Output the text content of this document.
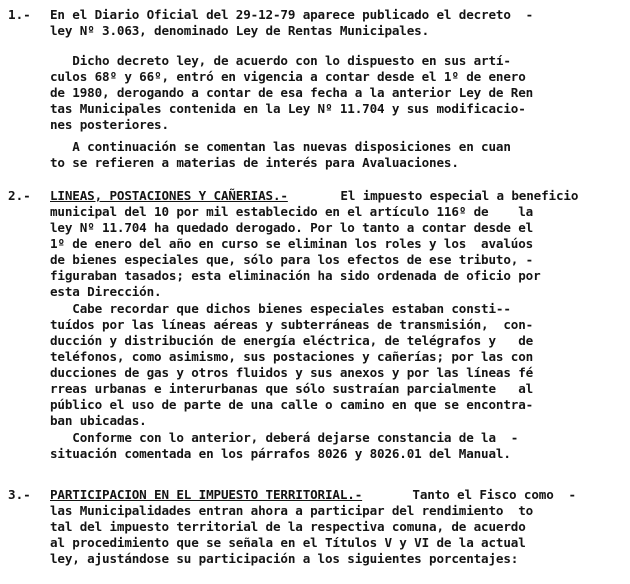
1.- En el Diario Oficial del 29-12-79 aparece publicado el decreto  -
ley Nº 3.063, denominado Ley de Rentas Municipales.
Dicho decreto ley, de acuerdo con lo dispuesto en sus artí-
culos 68º y 66º, entró en vigencia a contar desde el 1º de enero
de 1980, derogando a contar de esa fecha a la anterior Ley de Ren
tas Municipales contenida en la Ley Nº 11.704 y sus modificacio-
nes posteriores.
A continuación se comentan las nuevas disposiciones en cuan
to se refieren a materias de interés para Avaluaciones.
2.- LINEAS, POSTACIONES Y CAÑERIAS.-	El impuesto especial a beneficio
municipal del 10 por mil establecido en el artículo 116º de    la
ley Nº 11.704 ha quedado derogado. Por lo tanto a contar desde el
1º de enero del año en curso se eliminan los roles y los  avalúos
de bienes especiales que, sólo para los efectos de ese tributo, -
figuraban tasados; esta eliminación ha sido ordenada de oficio por
esta Dirección.
Cabe recordar que dichos bienes especiales estaban consti--
tuídos por las líneas aéreas y subterráneas de transmisión,  con-
ducción y distribución de energía eléctrica, de telégrafos y   de
teléfonos, como asimismo, sus postaciones y cañerías; por las con
ducciones de gas y otros fluidos y sus anexos y por las líneas fé
rreas urbanas e interurbanas que sólo sustraían parcialmente   al
público el uso de parte de una calle o camino en que se encontra-
ban ubicadas.
Conforme con lo anterior, deberá dejarse constancia de la  -
situación comentada en los párrafos 8026 y 8026.01 del Manual.
3.- PARTICIPACION EN EL IMPUESTO TERRITORIAL.-	Tanto el Fisco como  -
las Municipalidades entran ahora a participar del rendimiento  to
tal del impuesto territorial de la respectiva comuna, de acuerdo
al procedimiento que se señala en el Títulos V y VI de la actual
ley, ajustándose su participación a los siguientes porcentajes:
